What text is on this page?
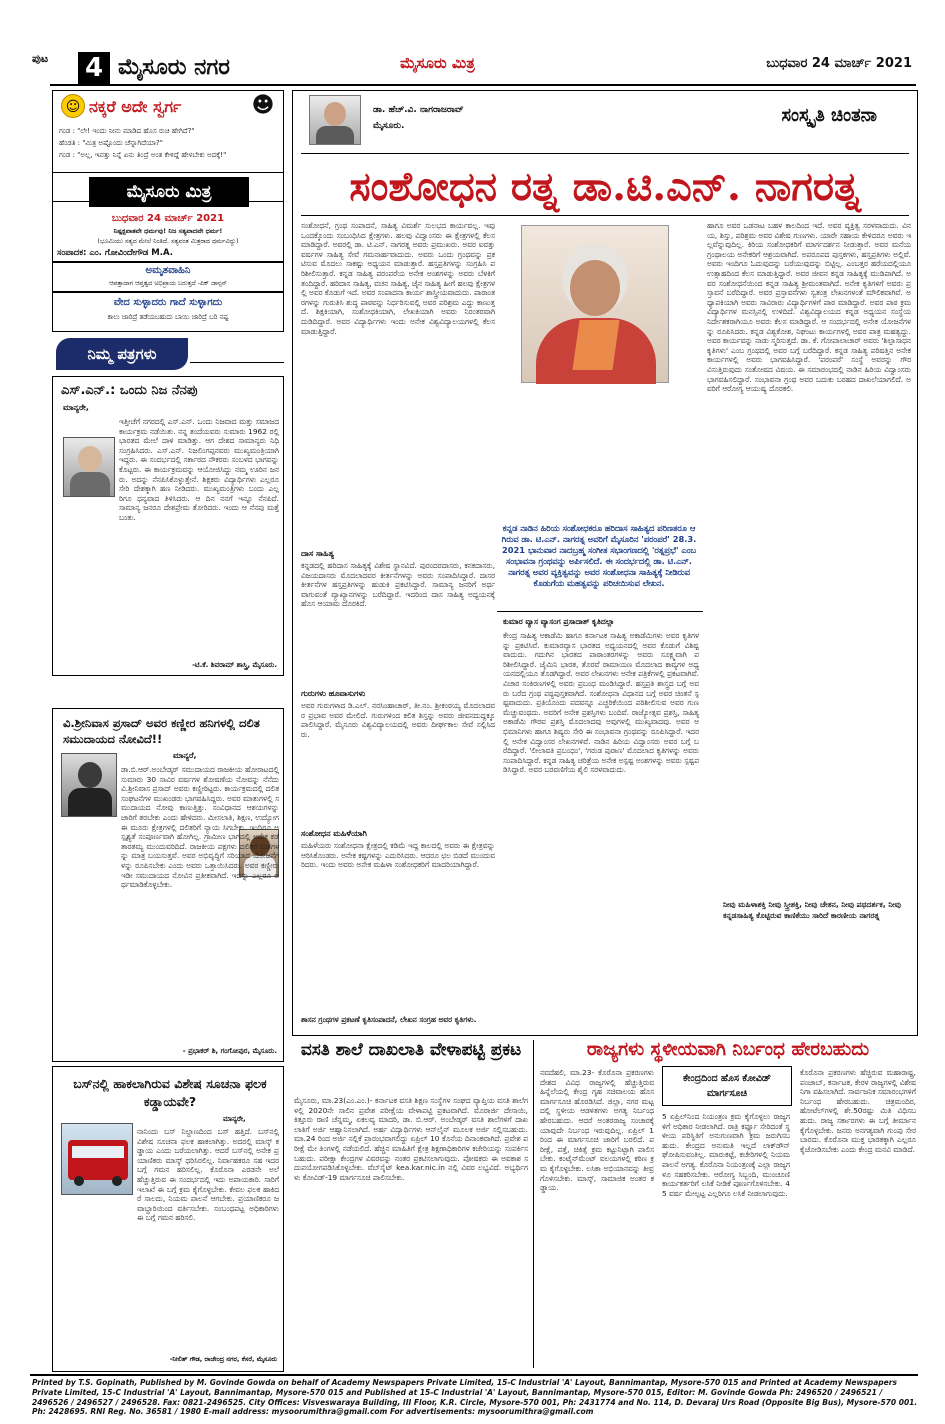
ಪುಟ 4 ಮೈಸೂರು ನಗರ	ಮೈಸೂರು ಮಿತ್ರ	ಬುಧವಾರ 24 ಮಾರ್ಚ್ 2021
☺ ನಕ್ಕರೆ ಅದೇ ಸ್ವರ್ಗ	☻
ಗಂಡ : "ಲೇ! ಇಂದು ನೀನು ಮಾಡಿದ ಹೊಸ ರುಚಿ ಹೇಗಿದೆ?"
ಹೆಂಡತಿ : "ಮಿತ್ರ ಅಷ್ಟೊಂದು ಚೆನ್ನಾಗಿದೆಯಾ?"
ಗಂಡ : "ಅಲ್ಲ, ಇವತ್ತು ನಿನ್ನೆ ಏನು ತಿಂದ್ರೆ ಅಂತ ಕೇಳಿದ್ದೆ ಹೇಳಬೇಕು ಅದಕ್ಕೆ!"
ಮೈಸೂರು ಮಿತ್ರ
ಬುಧವಾರ 24 ಮಾರ್ಚ್ 2021
ನಿಷ್ಪಕ್ಷಪಾತವೇ ಧರ್ಮವು! ನಿಜ ಸತ್ಯವಾದವೇ ಧರ್ಮ!
(ಭೂಮಿಯು ಸತ್ಯದ ಮೇಲೆ ನಿಂತಿದೆ. ಸತ್ಯವಂತ ಮಿತ್ರರಾದ ಧರ್ಮವಿದ್ದು)
ಸಂಪಾದಕ: ಎಂ. ಗೋವಿಂದೇಗೌಡ M.A.
ಅಮೃತವಾಹಿನಿ
ಆಪತ್ತಾದಾಗ ಆಪ್ತತ್ವದ ಅಭಿಪ್ರಾಯ ಬರುತ್ತದೆ -ಪಿಕ್ ಜಾನ್ಸನ್
ವೇದ ಸುಳ್ಳಾದರು ಗಾದೆ ಸುಳ್ಳಾಗದು
ಕಾಲು ಜಾರಿದ್ರೆ ತಡೆಯಬಹುದು ಬಾಯಿ ಜಾರಿದ್ರೆ ಬರಿ ನಷ್ಟ
ನಿಮ್ಮ ಪತ್ರಗಳು
ಎಸ್.ಎನ್.: ಒಂದು ನಿಜ ನೆನಪು
ಮಾನ್ಯರೇ,
ಇತ್ತೀಚೆಗೆ ನಗರದಲ್ಲಿ ಎಸ್.ಎನ್. ಒಂದು ನಿಜವಾದ ಮತ್ತು ಸಮಾಜದ ಕಾರ್ಯಕ್ರಮ ನಡೆಯಿತು. ನನ್ನ ತಂದೆಯವರು ಸುಮಾರು 1962 ರಲ್ಲಿ ಭಾರತದ ಮೇಲೆ ದಾಳಿ ಮಾಡಿತ್ತು. ಆಗ ದೇಶದ ಸಾಮಾನ್ಯರು ನಿಧಿ ಸಂಗ್ರಹಿಸಿದರು. ಎಸ್.ಎನ್. ನಿಜಲಿಂಗಪ್ಪನವರು ಮುಖ್ಯಮಂತ್ರಿಯಾಗಿ ಇದ್ದರು. ಈ ಸಂದರ್ಭದಲ್ಲಿ ಸರ್ಕಾರದ ನೌಕರರು ಸಂಬಳದ ಭಾಗವನ್ನು ಕೊಟ್ಟರು. ಈ ಕಾರ್ಯಕ್ರಮವನ್ನು ಆಯೋಜಿಸಿದ್ದು ನಮ್ಮ ಊರಿನ ಜನರು. ಅದನ್ನು ನೆನಪಿಸಿಕೊಳ್ಳುತ್ತೇನೆ. ಶಿಕ್ಷಕರು ವಿದ್ಯಾರ್ಥಿಗಳು ಎಲ್ಲರೂ ಸೇರಿ ದೇಶಕ್ಕಾಗಿ ಹಣ ನೀಡಿದರು. ಮುಖ್ಯಮಂತ್ರಿಗಳು ಬಂದು ಎಲ್ಲರಿಗೂ ಧನ್ಯವಾದ ತಿಳಿಸಿದರು. ಆ ದಿನ ನನಗೆ ಇನ್ನೂ ನೆನಪಿದೆ. ಸಾಮಾನ್ಯ ಜನರೂ ದೇಶಪ್ರೇಮ ತೋರಿದರು. ಇಂದು ಆ ನೆನಪು ಮತ್ತೆ ಬಂತು.
-ಟಿ.ಕೆ. ಶಿವರಾಮ್ ಶಾಸ್ತ್ರಿ, ಮೈಸೂರು.
ವಿ.ಶ್ರೀನಿವಾಸ ಪ್ರಸಾದ್ ಅವರ ಕಣ್ಣೀರ ಹನಿಗಳಲ್ಲಿ ದಲಿತ ಸಮುದಾಯದ ನೋವಿದೆ!!
ಮಾನ್ಯರೆ,
ಡಾ.ಬಿ.ಆರ್.ಅಂಬೇಡ್ಕರ್ ಸಮುದಾಯದ ರಾಜಕೀಯ ಹೋರಾಟದಲ್ಲಿ ಸುಮಾರು 30 ಸಾವಿರ ವರ್ಷಗಳ ಶೋಷಣೆಯ ನೋವನ್ನು ನೆನೆದು ವಿ.ಶ್ರೀನಿವಾಸ ಪ್ರಸಾದ್ ಅವರು ಕಣ್ಣೀರಿಟ್ಟರು. ಕಾರ್ಯಕ್ರಮದಲ್ಲಿ ದಲಿತ ಸಂಘಟನೆಗಳ ಮುಖಂಡರು ಭಾಗವಹಿಸಿದ್ದರು. ಅವರ ಮಾತುಗಳಲ್ಲಿ ಸಮುದಾಯದ ನೋವು ಕಾಣುತ್ತಿತ್ತು. ಸಂವಿಧಾನದ ಆಶಯಗಳನ್ನು ಜಾರಿಗೆ ತರಬೇಕು ಎಂದು ಹೇಳಿದರು. ಮೀಸಲಾತಿ, ಶಿಕ್ಷಣ, ಉದ್ಯೋಗ ಈ ಮೂರು ಕ್ಷೇತ್ರಗಳಲ್ಲಿ ದಲಿತರಿಗೆ ನ್ಯಾಯ ಸಿಗಬೇಕು. ಇಂದಿಗೂ ಅಸ್ಪೃಶ್ಯತೆ ಸಂಪೂರ್ಣವಾಗಿ ಹೋಗಿಲ್ಲ. ಗ್ರಾಮೀಣ ಭಾಗದಲ್ಲಿ ಅನೇಕ ಕಡೆ ತಾರತಮ್ಯ ಮುಂದುವರಿದಿದೆ. ರಾಜಕೀಯ ಪಕ್ಷಗಳು ದಲಿತರ ಮತಗಳನ್ನು ಮಾತ್ರ ಬಯಸುತ್ತವೆ. ಅವರ ಅಭಿವೃದ್ಧಿಗೆ ಸರಿಯಾದ ಯೋಜನೆಗಳನ್ನು ರೂಪಿಸಬೇಕು ಎಂದು ಅವರು ಒತ್ತಾಯಿಸಿದರು. ಅವರ ಕಣ್ಣೀರು ಇಡೀ ಸಮುದಾಯದ ನೋವಿನ ಪ್ರತೀಕವಾಗಿದೆ. ಇದನ್ನು ಎಲ್ಲರೂ ಅರ್ಥಮಾಡಿಕೊಳ್ಳಬೇಕು.
- ಪ್ರಭಾಕರ್ ಶಿ, ಗಂಗೋಪುರ, ಮೈಸೂರು.
ಬಸ್‌ನಲ್ಲಿ ಹಾಕಲಾಗಿರುವ ವಿಶೇಷ ಸೂಚನಾ ಫಲಕ ಕಡ್ಡಾಯವೇ?
ಮಾನ್ಯರೇ,
ನಾನಿಂದು ಬಸ್ ನಿಲ್ದಾಣದಿಂದ ಬಸ್ ಹತ್ತಿದೆ. ಬಸ್‌ನಲ್ಲಿ ವಿಶೇಷ ಸೂಚನಾ ಫಲಕ ಹಾಕಲಾಗಿತ್ತು. ಅದರಲ್ಲಿ ಮಾಸ್ಕ್ ಕಡ್ಡಾಯ ಎಂದು ಬರೆಯಲಾಗಿತ್ತು. ಆದರೆ ಬಸ್‌ನಲ್ಲಿ ಅನೇಕ ಪ್ರಯಾಣಿಕರು ಮಾಸ್ಕ್ ಧರಿಸಿರಲಿಲ್ಲ. ನಿರ್ವಾಹಕರೂ ಸಹ ಇದರ ಬಗ್ಗೆ ಗಮನ ಹರಿಸಲಿಲ್ಲ. ಕೊರೊನಾ ಎರಡನೇ ಅಲೆ ಹೆಚ್ಚುತ್ತಿರುವ ಈ ಸಂದರ್ಭದಲ್ಲಿ ಇದು ಅಪಾಯಕಾರಿ. ಸಾರಿಗೆ ಇಲಾಖೆ ಈ ಬಗ್ಗೆ ಕ್ರಮ ಕೈಗೊಳ್ಳಬೇಕು. ಕೇವಲ ಫಲಕ ಹಾಕಿದರೆ ಸಾಲದು, ನಿಯಮ ಪಾಲನೆ ಆಗಬೇಕು. ಪ್ರಯಾಣಿಕರೂ ಜವಾಬ್ದಾರಿಯಿಂದ ವರ್ತಿಸಬೇಕು. ಸಂಬಂಧಪಟ್ಟ ಅಧಿಕಾರಿಗಳು ಈ ಬಗ್ಗೆ ಗಮನ ಹರಿಸಲಿ.
-ನೀಲಿತ್ ಗೌಡ, ರಾಜೇಂದ್ರ ನಗರ, ಕೆಸರೆ, ಮೈಸೂರು
ಡಾ. ಹೆಚ್.ವಿ. ನಾಗರಾಜರಾವ್
ಮೈಸೂರು.	ಸಂಸ್ಕೃತಿ ಚಿಂತನಾ
ಸಂಶೋಧನ ರತ್ನ ಡಾ.ಟಿ.ಎನ್. ನಾಗರತ್ನ
ಕನ್ನಡ ನಾಡಿನ ಹಿರಿಯ ಸಂಶೋಧಕರೂ ಹರಿದಾಸ ಸಾಹಿತ್ಯದ ಪರಿಣತರೂ ಆಗಿರುವ ಡಾ. ಟಿ.ಎನ್. ನಾಗರತ್ನ ಅವರಿಗೆ ಮೈಸೂರಿನ 'ಪರಂಪರೆ' 28.3.2021 ಭಾನುವಾರ ನಾದಬ್ರಹ್ಮ ಸಂಗೀತ ಸಭಾಂಗಣದಲ್ಲಿ 'ರತ್ನಪ್ರಭೆ' ಎಂಬ ಸಂಭಾವನಾ ಗ್ರಂಥವನ್ನು ಅರ್ಪಿಸಲಿದೆ. ಈ ಸಂದರ್ಭದಲ್ಲಿ ಡಾ. ಟಿ.ಎನ್. ನಾಗರತ್ನ ಅವರ ವ್ಯಕ್ತಿತ್ವವನ್ನು ಅವರ ಸಂಶೋಧನಾ ಸಾಹಿತ್ಯಕ್ಕೆ ನೀಡಿರುವ ಕೊಡುಗೆಯ ಮಹತ್ವವನ್ನು ಪರಿಚಯಿಸುವ ಲೇಖನ.
ಸಂಶೋಧನೆ, ಗ್ರಂಥ ಸಂಪಾದನೆ, ಸಾಹಿತ್ಯ ವಿಮರ್ಶೆ ಸುಲಭದ ಕಾರ್ಯವಲ್ಲ. ಇವು ಒಂದಕ್ಕೊಂದು ಸಂಬಂಧಿಸಿದ ಕ್ಷೇತ್ರಗಳು. ಹಲವು ವಿದ್ವಾಂಸರು ಈ ಕ್ಷೇತ್ರಗಳಲ್ಲಿ ಕೆಲಸ ಮಾಡಿದ್ದಾರೆ. ಅವರಲ್ಲಿ ಡಾ. ಟಿ.ಎನ್. ನಾಗರತ್ನ ಅವರು ಪ್ರಮುಖರು. ಅವರ ಐವತ್ತು ವರ್ಷಗಳ ಸಾಹಿತ್ಯ ಸೇವೆ ಗಮನಾರ್ಹವಾದುದು. ಅವರು ಒಂದು ಗ್ರಂಥವನ್ನು ಪ್ರಕಟಿಸುವ ಮೊದಲು ಸಾಕಷ್ಟು ಅಧ್ಯಯನ ಮಾಡುತ್ತಾರೆ. ಹಸ್ತಪ್ರತಿಗಳನ್ನು ಸಂಗ್ರಹಿಸಿ ಪರಿಶೀಲಿಸುತ್ತಾರೆ. ಕನ್ನಡ ಸಾಹಿತ್ಯ ಪರಂಪರೆಯ ಅನೇಕ ಅಂಶಗಳನ್ನು ಅವರು ಬೆಳಕಿಗೆ ತಂದಿದ್ದಾರೆ. ಹರಿದಾಸ ಸಾಹಿತ್ಯ, ವಚನ ಸಾಹಿತ್ಯ, ಜೈನ ಸಾಹಿತ್ಯ ಹೀಗೆ ಹಲವು ಕ್ಷೇತ್ರಗಳಲ್ಲಿ ಅವರ ಕೊಡುಗೆ ಇದೆ. ಅವರ ಸಂಪಾದನಾ ಕಾರ್ಯ ಶಾಸ್ತ್ರೀಯವಾದುದು. ಪಾಠಾಂತರಗಳನ್ನು ಗುರುತಿಸಿ ಶುದ್ಧ ಪಾಠವನ್ನು ನಿರ್ಧರಿಸುವಲ್ಲಿ ಅವರ ಪರಿಶ್ರಮ ಎದ್ದು ಕಾಣುತ್ತದೆ. ಶಿಕ್ಷಕಿಯಾಗಿ, ಸಂಶೋಧಕಿಯಾಗಿ, ಲೇಖಕಿಯಾಗಿ ಅವರು ನಿರಂತರವಾಗಿ ದುಡಿದಿದ್ದಾರೆ. ಅವರ ವಿದ್ಯಾರ್ಥಿಗಳು ಇಂದು ಅನೇಕ ವಿಶ್ವವಿದ್ಯಾಲಯಗಳಲ್ಲಿ ಕೆಲಸ ಮಾಡುತ್ತಿದ್ದಾರೆ.
ದಾಸ ಸಾಹಿತ್ಯ
ಕನ್ನಡದಲ್ಲಿ ಹರಿದಾಸ ಸಾಹಿತ್ಯಕ್ಕೆ ವಿಶೇಷ ಸ್ಥಾನವಿದೆ. ಪುರಂದರದಾಸರು, ಕನಕದಾಸರು, ವಿಜಯದಾಸರು ಮೊದಲಾದವರ ಕೀರ್ತನೆಗಳನ್ನು ಅವರು ಸಂಪಾದಿಸಿದ್ದಾರೆ. ದಾಸರ ಕೀರ್ತನೆಗಳ ಹಸ್ತಪ್ರತಿಗಳನ್ನು ಹುಡುಕಿ ಪ್ರಕಟಿಸಿದ್ದಾರೆ. ಸಾಮಾನ್ಯ ಜನರಿಗೆ ಅರ್ಥವಾಗುವಂತೆ ವ್ಯಾಖ್ಯಾನಗಳನ್ನು ಬರೆದಿದ್ದಾರೆ. ಇದರಿಂದ ದಾಸ ಸಾಹಿತ್ಯ ಅಧ್ಯಯನಕ್ಕೆ ಹೊಸ ಆಯಾಮ ದೊರಕಿದೆ.
ಗುರುಗಳು ಹೂವಾಸುಗಳು
ಅವರ ಗುರುಗಳಾದ ಡಿ.ಎಲ್. ನರಸಿಂಹಾಚಾರ್, ತೀ.ನಂ. ಶ್ರೀಕಂಠಯ್ಯ ಮೊದಲಾದವರ ಪ್ರಭಾವ ಅವರ ಮೇಲಿದೆ. ಗುರುಗಳಿಂದ ಕಲಿತ ಶಿಸ್ತನ್ನು ಅವರು ಜೀವನದುದ್ದಕ್ಕೂ ಪಾಲಿಸಿದ್ದಾರೆ. ಮೈಸೂರು ವಿಶ್ವವಿದ್ಯಾಲಯದಲ್ಲಿ ಅವರು ದೀರ್ಘಕಾಲ ಸೇವೆ ಸಲ್ಲಿಸಿದರು.
ಸಂಶೋಧನ ಮಹಿಳೆಯಾಗಿ
ಮಹಿಳೆಯರು ಸಂಶೋಧನಾ ಕ್ಷೇತ್ರದಲ್ಲಿ ಕಡಿಮೆ ಇದ್ದ ಕಾಲದಲ್ಲಿ ಅವರು ಈ ಕ್ಷೇತ್ರವನ್ನು ಆರಿಸಿಕೊಂಡರು. ಅನೇಕ ಕಷ್ಟಗಳನ್ನು ಎದುರಿಸಿದರು. ಆದರೂ ಛಲ ಬಿಡದೆ ಮುಂದುವರಿದರು. ಇಂದು ಅವರು ಅನೇಕ ಮಹಿಳಾ ಸಂಶೋಧಕರಿಗೆ ಮಾದರಿಯಾಗಿದ್ದಾರೆ.
ಶಾಸನ ಗ್ರಂಥಗಳ ಪ್ರಕಟಣೆ ಕೃತಿಸಂಪಾದನೆ, ಲೇಖನ ಸಂಗ್ರಹ ಅವರ ಕೃತಿಗಳು.
ಕುಮಾರ ವ್ಯಾಸ ವ್ಯಾಸಂಗ ಪ್ರಸಾದಾತ್ ಕೃತಿದಲ್ಲಾ
ಕೇಂದ್ರ ಸಾಹಿತ್ಯ ಅಕಾಡೆಮಿ ಹಾಗೂ ಕರ್ನಾಟಕ ಸಾಹಿತ್ಯ ಅಕಾಡೆಮಿಗಳು ಅವರ ಕೃತಿಗಳನ್ನು ಪ್ರಕಟಿಸಿವೆ. ಕುಮಾರವ್ಯಾಸ ಭಾರತದ ಅಧ್ಯಯನದಲ್ಲಿ ಅವರ ಕೊಡುಗೆ ವಿಶಿಷ್ಟವಾದುದು. ಗದುಗಿನ ಭಾರತದ ಪಾಠಾಂತರಗಳನ್ನು ಅವರು ಸೂಕ್ಷ್ಮವಾಗಿ ಪರಿಶೀಲಿಸಿದ್ದಾರೆ. ಜೈಮಿನಿ ಭಾರತ, ತೊರವೆ ರಾಮಾಯಣ ಮೊದಲಾದ ಕಾವ್ಯಗಳ ಅಧ್ಯಯನದಲ್ಲಿಯೂ ತೊಡಗಿದ್ದಾರೆ. ಅವರ ಲೇಖನಗಳು ಅನೇಕ ಪತ್ರಿಕೆಗಳಲ್ಲಿ ಪ್ರಕಟವಾಗಿವೆ. ವಿಚಾರ ಸಂಕಿರಣಗಳಲ್ಲಿ ಅವರು ಪ್ರಬಂಧ ಮಂಡಿಸಿದ್ದಾರೆ. ಹಸ್ತಪ್ರತಿ ಶಾಸ್ತ್ರದ ಬಗ್ಗೆ ಅವರು ಬರೆದ ಗ್ರಂಥ ಪಠ್ಯಪುಸ್ತಕವಾಗಿದೆ. ಸಂಶೋಧನಾ ವಿಧಾನದ ಬಗ್ಗೆ ಅವರ ಚಿಂತನೆ ಸ್ಪಷ್ಟವಾದುದು. ಪ್ರತಿಯೊಂದು ಪದವನ್ನೂ ಎಚ್ಚರಿಕೆಯಿಂದ ಪರಿಶೀಲಿಸುವ ಅವರ ಗುಣ ಮೆಚ್ಚುವಂಥದು. ಅವರಿಗೆ ಅನೇಕ ಪ್ರಶಸ್ತಿಗಳು ಬಂದಿವೆ. ರಾಜ್ಯೋತ್ಸವ ಪ್ರಶಸ್ತಿ, ಸಾಹಿತ್ಯ ಅಕಾಡೆಮಿ ಗೌರವ ಪ್ರಶಸ್ತಿ ಮೊದಲಾದವು ಅವುಗಳಲ್ಲಿ ಮುಖ್ಯವಾದವು. ಅವರ ಅಭಿಮಾನಿಗಳು ಹಾಗೂ ಶಿಷ್ಯರು ಸೇರಿ ಈ ಸಂಭಾವನಾ ಗ್ರಂಥವನ್ನು ರೂಪಿಸಿದ್ದಾರೆ. ಇದರಲ್ಲಿ ಅನೇಕ ವಿದ್ವಾಂಸರ ಲೇಖನಗಳಿವೆ. ನಾಡಿನ ಹಿರಿಯ ವಿದ್ವಾಂಸರು ಅವರ ಬಗ್ಗೆ ಬರೆದಿದ್ದಾರೆ. 'ಲೀಲಾವತಿ ಪ್ರಬಂಧಂ', 'ಗರುಡ ಪುರಾಣ' ಮೊದಲಾದ ಕೃತಿಗಳನ್ನು ಅವರು ಸಂಪಾದಿಸಿದ್ದಾರೆ. ಕನ್ನಡ ಸಾಹಿತ್ಯ ಚರಿತ್ರೆಯ ಅನೇಕ ಅಸ್ಪಷ್ಟ ಅಂಶಗಳನ್ನು ಅವರು ಸ್ಪಷ್ಟಪಡಿಸಿದ್ದಾರೆ. ಅವರ ಬರವಣಿಗೆಯ ಶೈಲಿ ಸರಳವಾದುದು.
ಹಾಗೂ ಅವರ ಒಡನಾಟ ಬಹಳ ಕಾಲದಿಂದ ಇದೆ. ಅವರ ವ್ಯಕ್ತಿತ್ವ ಸರಳವಾದುದು. ವಿನಯ, ಶಿಸ್ತು, ಪರಿಶ್ರಮ ಅವರ ವಿಶೇಷ ಗುಣಗಳು. ಯಾರೇ ಸಹಾಯ ಕೇಳಿದರೂ ಅವರು ಇಲ್ಲವೆನ್ನುವುದಿಲ್ಲ. ಕಿರಿಯ ಸಂಶೋಧಕರಿಗೆ ಮಾರ್ಗದರ್ಶನ ನೀಡುತ್ತಾರೆ. ಅವರ ಮನೆಯ ಗ್ರಂಥಾಲಯ ಅನೇಕರಿಗೆ ಆಶ್ರಯವಾಗಿದೆ. ಅಪರೂಪದ ಪುಸ್ತಕಗಳು, ಹಸ್ತಪ್ರತಿಗಳು ಅಲ್ಲಿವೆ. ಅವರು ಇಂದಿಗೂ ಓದುವುದನ್ನು ಬರೆಯುವುದನ್ನು ಬಿಟ್ಟಿಲ್ಲ. ಎಂಬತ್ತರ ಹರೆಯದಲ್ಲಿಯೂ ಉತ್ಸಾಹದಿಂದ ಕೆಲಸ ಮಾಡುತ್ತಿದ್ದಾರೆ. ಅವರ ಜೀವನ ಕನ್ನಡ ಸಾಹಿತ್ಯಕ್ಕೆ ಮುಡಿಪಾಗಿದೆ. ಅವರ ಸಂಶೋಧನೆಯಿಂದ ಕನ್ನಡ ಸಾಹಿತ್ಯ ಶ್ರೀಮಂತವಾಗಿದೆ. ಅನೇಕ ಕೃತಿಗಳಿಗೆ ಅವರು ಪ್ರಸ್ತಾವನೆ ಬರೆದಿದ್ದಾರೆ. ಅವರ ಪ್ರಸ್ತಾವನೆಗಳು ಸ್ವತಂತ್ರ ಲೇಖನಗಳಂತೆ ಮೌಲಿಕವಾಗಿವೆ. ಅಧ್ಯಾಪಕಿಯಾಗಿ ಅವರು ಸಾವಿರಾರು ವಿದ್ಯಾರ್ಥಿಗಳಿಗೆ ಪಾಠ ಮಾಡಿದ್ದಾರೆ. ಅವರ ಪಾಠ ಕ್ರಮ ವಿದ್ಯಾರ್ಥಿಗಳ ಮನಸ್ಸಿನಲ್ಲಿ ಉಳಿದಿದೆ. ವಿಶ್ವವಿದ್ಯಾಲಯದ ಕನ್ನಡ ಅಧ್ಯಯನ ಸಂಸ್ಥೆಯ ನಿರ್ದೇಶಕರಾಗಿಯೂ ಅವರು ಕೆಲಸ ಮಾಡಿದ್ದಾರೆ. ಆ ಸಂದರ್ಭದಲ್ಲಿ ಅನೇಕ ಯೋಜನೆಗಳನ್ನು ರೂಪಿಸಿದರು. ಕನ್ನಡ ವಿಶ್ವಕೋಶ, ನಿಘಂಟು ಕಾರ್ಯಗಳಲ್ಲಿ ಅವರ ಪಾತ್ರ ಮಹತ್ವದ್ದು. ಅವರ ಕಾರ್ಯವನ್ನು ನಾಡು ಸ್ಮರಿಸುತ್ತದೆ. ಡಾ. ಕೆ. ಗೋಪಾಲಾಚಾರ್ ಅವರು 'ಶಿಲ್ಪಾಸಾಧನ ಕೃತಿಗಳು' ಎಂಬ ಗ್ರಂಥದಲ್ಲಿ ಅವರ ಬಗ್ಗೆ ಬರೆದಿದ್ದಾರೆ. ಕನ್ನಡ ಸಾಹಿತ್ಯ ಪರಿಷತ್ತಿನ ಅನೇಕ ಕಾರ್ಯಗಳಲ್ಲಿ ಅವರು ಭಾಗವಹಿಸಿದ್ದಾರೆ. 'ಪರಂಪರೆ' ಸಂಸ್ಥೆ ಅವರನ್ನು ಗೌರವಿಸುತ್ತಿರುವುದು ಸಂತೋಷದ ವಿಷಯ. ಈ ಸಮಾರಂಭದಲ್ಲಿ ನಾಡಿನ ಹಿರಿಯ ವಿದ್ವಾಂಸರು ಭಾಗವಹಿಸಲಿದ್ದಾರೆ. ಸಂಭಾವನಾ ಗ್ರಂಥ ಅವರ ಬದುಕು ಬರಹದ ದಾಖಲೆಯಾಗಲಿದೆ. ಅವರಿಗೆ ಆರೋಗ್ಯ ಆಯುಷ್ಯ ದೊರಕಲಿ.
ನೀವು ಮಹಿಳಾಶಕ್ತಿ ನೀವು ಸ್ತ್ರೀಶಕ್ತಿ, ನೀವು ಚೇತನ, ನೀವು ಪಥದರ್ಶಕ, ನೀವು ಕನ್ನಡಸಾಹಿತ್ಯ ಕೊಟ್ಟಿರುವ ಕಾಣಿಕೆಯು ಸಾರಿದೆ ಕಾರಣೀಯ ನಾಗರತ್ನ
ವಸತಿ ಶಾಲೆ ದಾಖಲಾತಿ ವೇಳಾಪಟ್ಟಿ ಪ್ರಕಟ
ಮೈಸೂರು, ಮಾ.23(ಎಂ.ಎಂ.)- ಕರ್ನಾಟಕ ವಸತಿ ಶಿಕ್ಷಣ ಸಂಸ್ಥೆಗಳ ಸಂಘದ ವ್ಯಾಪ್ತಿಯ ವಸತಿ ಶಾಲೆಗಳಲ್ಲಿ 2020ನೇ ಸಾಲಿನ ಪ್ರವೇಶ ಪರೀಕ್ಷೆಯ ವೇಳಾಪಟ್ಟಿ ಪ್ರಕಟವಾಗಿದೆ. ಮೊರಾರ್ಜಿ ದೇಸಾಯಿ, ಕಿತ್ತೂರು ರಾಣಿ ಚೆನ್ನಮ್ಮ, ಏಕಲವ್ಯ ಮಾದರಿ, ಡಾ. ಬಿ.ಆರ್. ಅಂಬೇಡ್ಕರ್ ವಸತಿ ಶಾಲೆಗಳಿಗೆ ದಾಖಲಾತಿಗೆ ಅರ್ಜಿ ಆಹ್ವಾನಿಸಲಾಗಿದೆ. ಅರ್ಹ ವಿದ್ಯಾರ್ಥಿಗಳು ಆನ್‌ಲೈನ್ ಮೂಲಕ ಅರ್ಜಿ ಸಲ್ಲಿಸಬಹುದು. ಮಾ.24 ರಿಂದ ಅರ್ಜಿ ಸಲ್ಲಿಕೆ ಪ್ರಾರಂಭವಾಗಲಿದ್ದು ಏಪ್ರಿಲ್ 10 ಕೊನೆಯ ದಿನಾಂಕವಾಗಿದೆ. ಪ್ರವೇಶ ಪರೀಕ್ಷೆ ಮೇ ತಿಂಗಳಲ್ಲಿ ನಡೆಯಲಿದೆ. ಹೆಚ್ಚಿನ ಮಾಹಿತಿಗೆ ಕ್ಷೇತ್ರ ಶಿಕ್ಷಣಾಧಿಕಾರಿಗಳ ಕಚೇರಿಯನ್ನು ಸಂಪರ್ಕಿಸಬಹುದು. ಪರೀಕ್ಷಾ ಕೇಂದ್ರಗಳ ವಿವರವನ್ನು ನಂತರ ಪ್ರಕಟಿಸಲಾಗುವುದು. ಪೋಷಕರು ಈ ಅವಕಾಶ ಸದುಪಯೋಗಪಡಿಸಿಕೊಳ್ಳಬೇಕು. ವೆಬ್‌ಸೈಟ್ kea.kar.nic.in ನಲ್ಲಿ ವಿವರ ಲಭ್ಯವಿದೆ. ಅಭ್ಯರ್ಥಿಗಳು ಕೋವಿಡ್-19 ಮಾರ್ಗಸೂಚಿ ಪಾಲಿಸಬೇಕು.
ರಾಜ್ಯಗಳು ಸ್ಥಳೀಯವಾಗಿ ನಿರ್ಬಂಧ ಹೇರಬಹುದು
ನವದೆಹಲಿ, ಮಾ.23- ಕೊರೊನಾ ಪ್ರಕರಣಗಳು ದೇಶದ ವಿವಿಧ ರಾಜ್ಯಗಳಲ್ಲಿ ಹೆಚ್ಚುತ್ತಿರುವ ಹಿನ್ನೆಲೆಯಲ್ಲಿ ಕೇಂದ್ರ ಗೃಹ ಸಚಿವಾಲಯ ಹೊಸ ಮಾರ್ಗಸೂಚಿ ಹೊರಡಿಸಿದೆ. ಜಿಲ್ಲಾ, ನಗರ ಮಟ್ಟದಲ್ಲಿ ಸ್ಥಳೀಯ ಆಡಳಿತಗಳು ಅಗತ್ಯ ನಿರ್ಬಂಧ ಹೇರಬಹುದು. ಆದರೆ ಅಂತರರಾಜ್ಯ ಸಂಚಾರಕ್ಕೆ ಯಾವುದೇ ನಿರ್ಬಂಧ ಇರುವುದಿಲ್ಲ. ಏಪ್ರಿಲ್ 1 ರಿಂದ ಈ ಮಾರ್ಗಸೂಚಿ ಜಾರಿಗೆ ಬರಲಿದೆ. ಪರೀಕ್ಷೆ, ಪತ್ತೆ, ಚಿಕಿತ್ಸೆ ಕ್ರಮ ಕಟ್ಟುನಿಟ್ಟಾಗಿ ಪಾಲಿಸಬೇಕು. ಕಂಟೈನ್‌ಮೆಂಟ್ ವಲಯಗಳಲ್ಲಿ ಕಠಿಣ ಕ್ರಮ ಕೈಗೊಳ್ಳಬೇಕು. ಲಸಿಕಾ ಅಭಿಯಾನವನ್ನು ತೀವ್ರಗೊಳಿಸಬೇಕು. ಮಾಸ್ಕ್, ಸಾಮಾಜಿಕ ಅಂತರ ಕಡ್ಡಾಯ.
ಕೇಂದ್ರದಿಂದ ಹೊಸ ಕೋವಿಡ್ ಮಾರ್ಗಸೂಚಿ
5 ಏಪ್ರಿಲ್‌ನಿಂದ ನಿಯಂತ್ರಣ ಕ್ರಮ ಕೈಗೊಳ್ಳಲು ರಾಜ್ಯಗಳಿಗೆ ಅಧಿಕಾರ ನೀಡಲಾಗಿದೆ. ರಾತ್ರಿ ಕರ್ಫ್ಯೂ ಸೇರಿದಂತೆ ಸ್ಥಳೀಯ ಪರಿಸ್ಥಿತಿಗೆ ಅನುಗುಣವಾಗಿ ಕ್ರಮ ಜರುಗಿಸಬಹುದು. ಕೇಂದ್ರದ ಅನುಮತಿ ಇಲ್ಲದೆ ಲಾಕ್‌ಡೌನ್ ಘೋಷಿಸುವಂತಿಲ್ಲ. ಮಾರುಕಟ್ಟೆ, ಕಚೇರಿಗಳಲ್ಲಿ ನಿಯಮ ಪಾಲನೆ ಅಗತ್ಯ. ಕೊರೊನಾ ನಿಯಂತ್ರಣಕ್ಕೆ ಎಲ್ಲಾ ರಾಜ್ಯಗಳೂ ಸಹಕರಿಸಬೇಕು. ಆರೋಗ್ಯ ಸಿಬ್ಬಂದಿ, ಮುಂಚೂಣಿ ಕಾರ್ಯಕರ್ತರಿಗೆ ಲಸಿಕೆ ನೀಡಿಕೆ ಪೂರ್ಣಗೊಳಿಸಬೇಕು. 45 ವರ್ಷ ಮೇಲ್ಪಟ್ಟ ಎಲ್ಲರಿಗೂ ಲಸಿಕೆ ನೀಡಲಾಗುವುದು.
ಕೊರೊನಾ ಪ್ರಕರಣಗಳು ಹೆಚ್ಚಿರುವ ಮಹಾರಾಷ್ಟ್ರ, ಪಂಜಾಬ್, ಕರ್ನಾಟಕ, ಕೇರಳ ರಾಜ್ಯಗಳಲ್ಲಿ ವಿಶೇಷ ನಿಗಾ ವಹಿಸಲಾಗಿದೆ. ಸಾರ್ವಜನಿಕ ಸಮಾರಂಭಗಳಿಗೆ ನಿರ್ಬಂಧ ಹೇರಬಹುದು. ಚಿತ್ರಮಂದಿರ, ಹೋಟೆಲ್‌ಗಳಲ್ಲಿ ಶೇ.50ರಷ್ಟು ಮಿತಿ ವಿಧಿಸಬಹುದು. ರಾಜ್ಯ ಸರ್ಕಾರಗಳು ಈ ಬಗ್ಗೆ ತೀರ್ಮಾನ ಕೈಗೊಳ್ಳಬೇಕು. ಜನರು ಅನಗತ್ಯವಾಗಿ ಗುಂಪು ಸೇರಬಾರದು. ಕೊರೊನಾ ಮುಕ್ತ ಭಾರತಕ್ಕಾಗಿ ಎಲ್ಲರೂ ಕೈಜೋಡಿಸಬೇಕು ಎಂದು ಕೇಂದ್ರ ಮನವಿ ಮಾಡಿದೆ.
Printed by T.S. Gopinath, Published by M. Govinde Gowda on behalf of Academy Newspapers Private Limited, 15-C Industrial 'A' Layout, Bannimantap, Mysore-570 015 and Printed at Academy Newspapers Private Limited, 15-C Industrial 'A' Layout, Bannimantap, Mysore-570 015 and Published at 15-C Industrial 'A' Layout, Bannimantap, Mysore-570 015, Editor: M. Govinde Gowda Ph: 2496520 / 2496521 / 2496526 / 2496527 / 2496528. Fax: 0821-2496525. City Offices: Visveswaraya Building, III Floor, K.R. Circle, Mysore-570 001, Ph: 2431774 and No. 114, D. Devaraj Urs Road (Opposite Big Bus), Mysore-570 001. Ph: 2428695. RNI Reg. No. 36581 / 1980 E-mail address: mysoorumithra@gmail.com For advertisements: mysoorumithra@gmail.com
